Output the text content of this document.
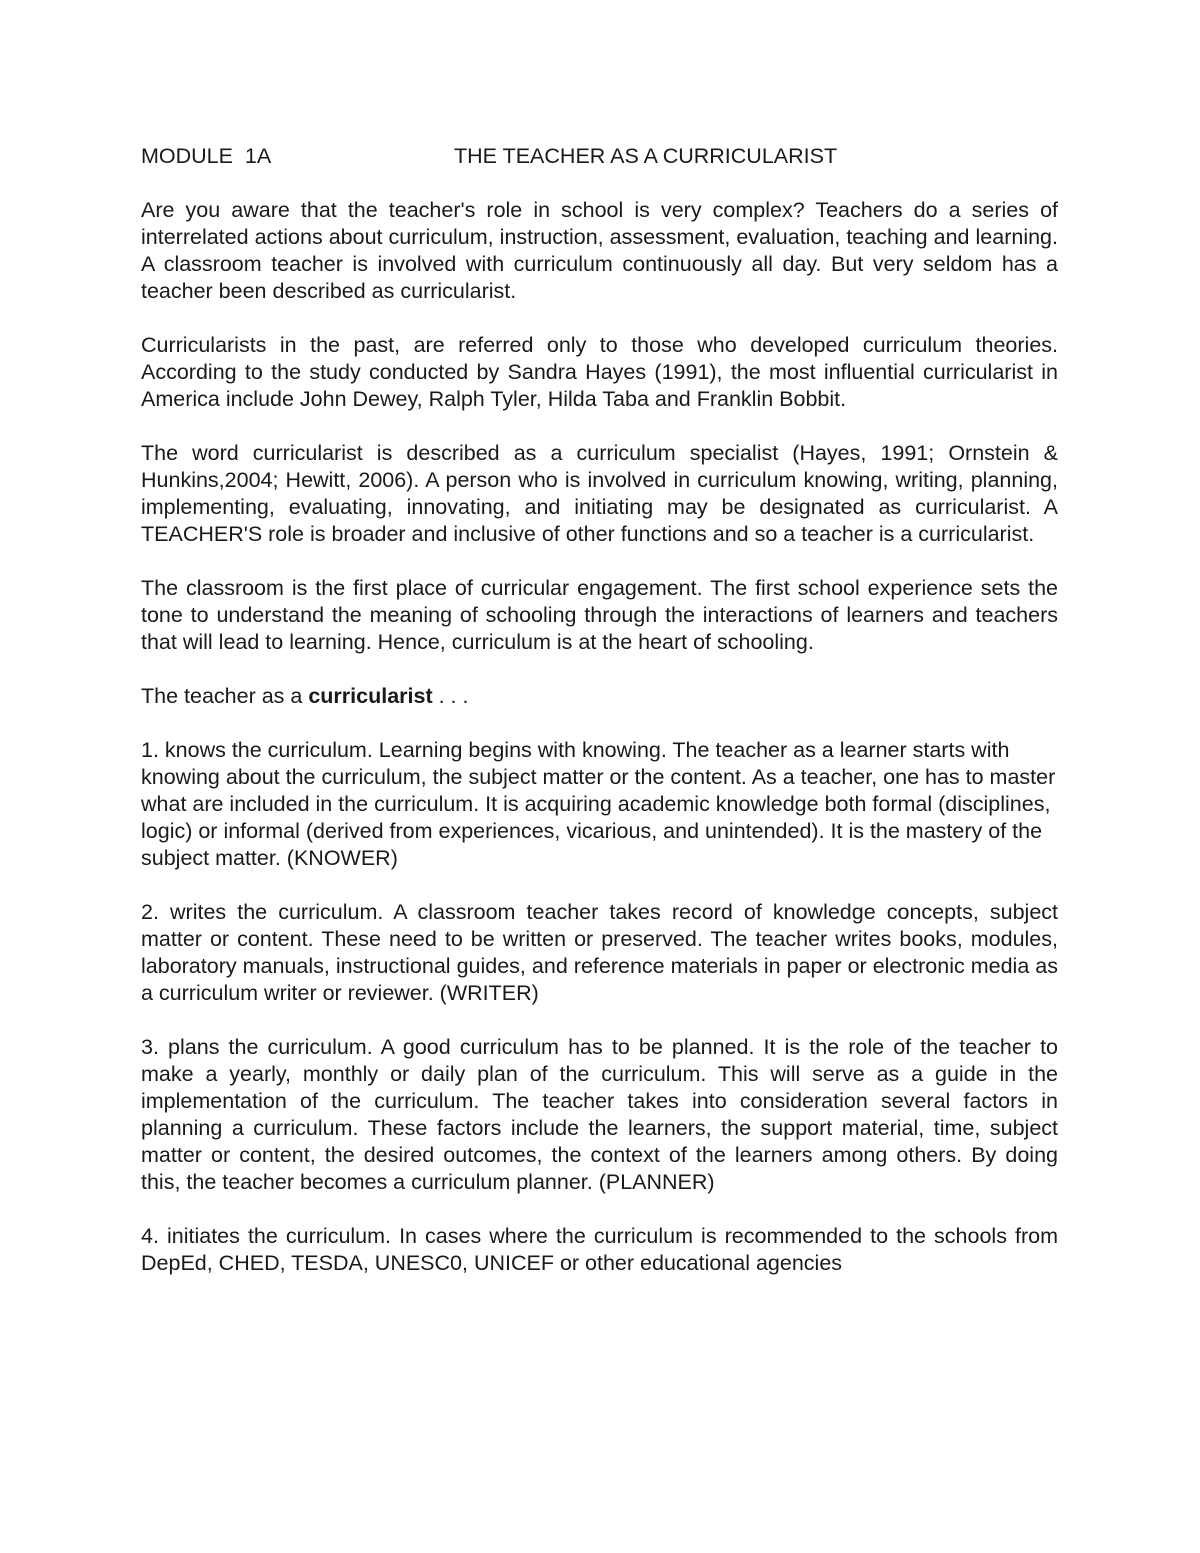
MODULE  1A	THE TEACHER AS A CURRICULARIST

Are you aware that the teacher's role in school is very complex? Teachers do a series of interrelated actions about curriculum, instruction, assessment, evaluation, teaching and learning. A classroom teacher is involved with curriculum continuously all day. But very seldom has a teacher been described as curricularist.

Curricularists in the past, are referred only to those who developed curriculum theories. According to the study conducted by Sandra Hayes (1991), the most influential curricularist in America include John Dewey, Ralph Tyler, Hilda Taba and Franklin Bobbit.

The word curricularist is described as a curriculum specialist (Hayes, 1991; Ornstein & Hunkins,2004; Hewitt, 2006). A person who is involved in curriculum knowing, writing, planning, implementing, evaluating, innovating, and initiating may be designated as curricularist. A TEACHER'S role is broader and inclusive of other functions and so a teacher is a curricularist.

The classroom is the first place of curricular engagement. The first school experience sets the tone to understand the meaning of schooling through the interactions of learners and teachers that will lead to learning. Hence, curriculum is at the heart of schooling.

The teacher as a curricularist . . .

1. knows the curriculum. Learning begins with knowing. The teacher as a learner starts with knowing about the curriculum, the subject matter or the content. As a teacher, one has to master what are included in the curriculum. It is acquiring academic knowledge both formal (disciplines, logic) or informal (derived from experiences, vicarious, and unintended). It is the mastery of the subject matter. (KNOWER)

2. writes the curriculum. A classroom teacher takes record of knowledge concepts, subject matter or content. These need to be written or preserved. The teacher writes books, modules, laboratory manuals, instructional guides, and reference materials in paper or electronic media as a curriculum writer or reviewer. (WRITER)

3. plans the curriculum. A good curriculum has to be planned. It is the role of the teacher to make a yearly, monthly or daily plan of the curriculum. This will serve as a guide in the implementation of the curriculum. The teacher takes into consideration several factors in planning a curriculum. These factors include the learners, the support material, time, subject matter or content, the desired outcomes, the context of the learners among others. By doing this, the teacher becomes a curriculum planner. (PLANNER)

4. initiates the curriculum. In cases where the curriculum is recommended to the schools from DepEd, CHED, TESDA, UNESC0, UNICEF or other educational agencies
